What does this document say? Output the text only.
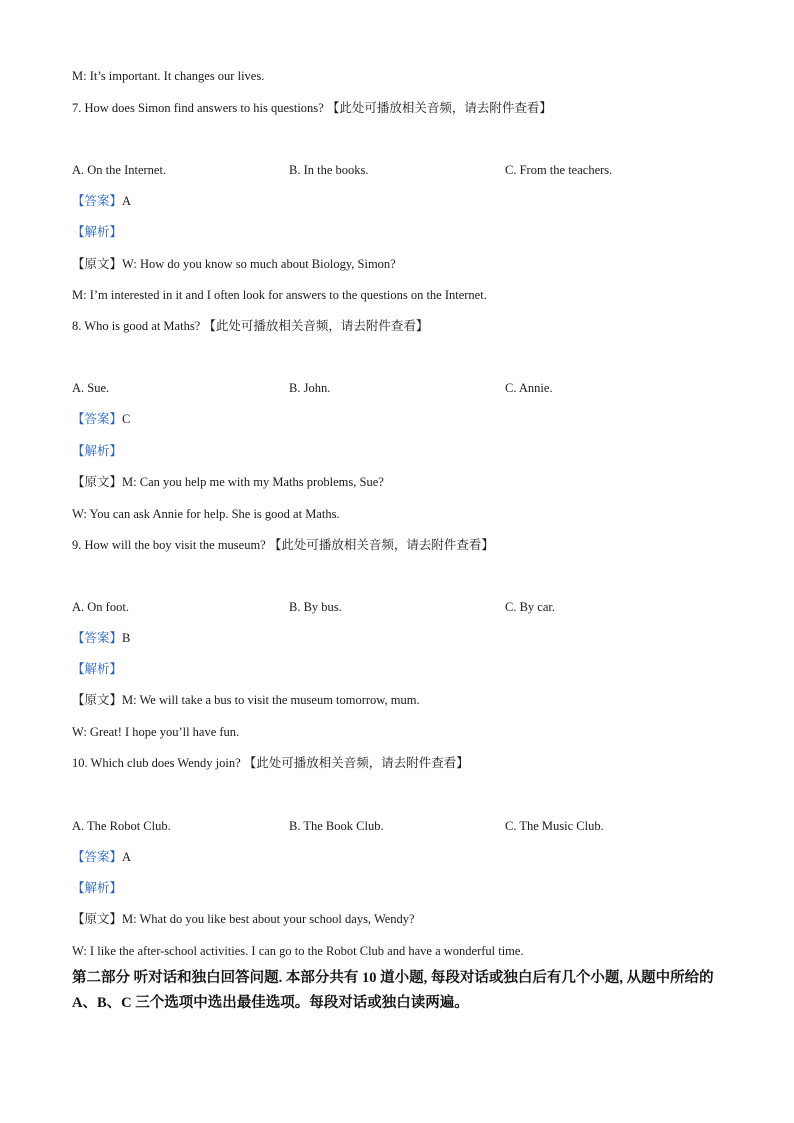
M: It’s important. It changes our lives.
7. How does Simon find answers to his questions? 【此处可播放相关音频，请去附件查看】
A. On the Internet.	B. In the books.	C. From the teachers.
【答案】A
【解析】
【原文】W: How do you know so much about Biology, Simon?
M: I’m interested in it and I often look for answers to the questions on the Internet.
8. Who is good at Maths? 【此处可播放相关音频，请去附件查看】
A. Sue.	B. John.	C. Annie.
【答案】C
【解析】
【原文】M: Can you help me with my Maths problems, Sue?
W: You can ask Annie for help. She is good at Maths.
9. How will the boy visit the museum? 【此处可播放相关音频，请去附件查看】
A. On foot.	B. By bus.	C. By car.
【答案】B
【解析】
【原文】M: We will take a bus to visit the museum tomorrow, mum.
W: Great! I hope you’ll have fun.
10. Which club does Wendy join? 【此处可播放相关音频，请去附件查看】
A. The Robot Club.	B. The Book Club.	C. The Music Club.
【答案】A
【解析】
【原文】M: What do you like best about your school days, Wendy?
W: I like the after-school activities. I can go to the Robot Club and have a wonderful time.
第二部分 听对话和独白回答问题. 本部分共有 10 道小题, 每段对话或独白后有几个小题, 从题中所给的 A、B、C 三个选项中选出最佳选项。每段对话或独白读两遍。
